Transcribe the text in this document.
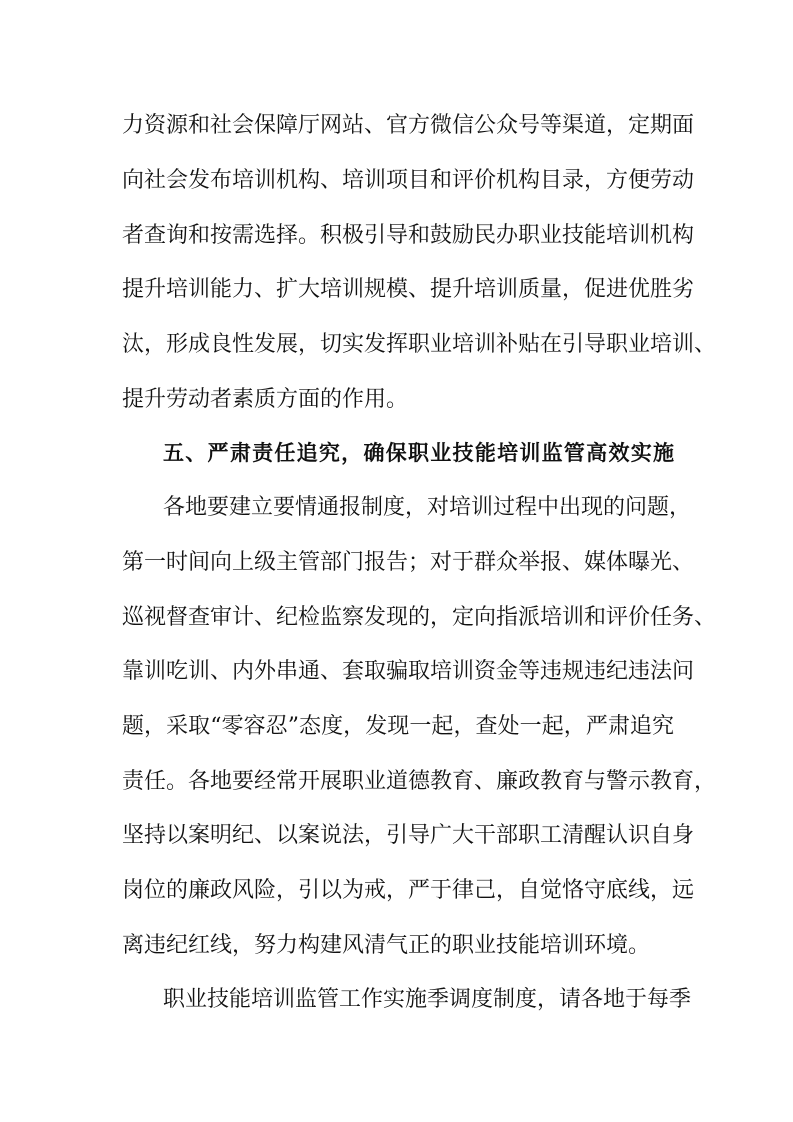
力资源和社会保障厅网站、官方微信公众号等渠道，定期面

向社会发布培训机构、培训项目和评价机构目录，方便劳动

者查询和按需选择。积极引导和鼓励民办职业技能培训机构

提升培训能力、扩大培训规模、提升培训质量，促进优胜劣

汰，形成良性发展，切实发挥职业培训补贴在引导职业培训、

提升劳动者素质方面的作用。

五、严肃责任追究，确保职业技能培训监管高效实施

各地要建立要情通报制度，对培训过程中出现的问题，

第一时间向上级主管部门报告；对于群众举报、媒体曝光、

巡视督查审计、纪检监察发现的，定向指派培训和评价任务、

靠训吃训、内外串通、套取骗取培训资金等违规违纪违法问

题，采取“零容忍”态度，发现一起，查处一起，严肃追究

责任。各地要经常开展职业道德教育、廉政教育与警示教育，

坚持以案明纪、以案说法，引导广大干部职工清醒认识自身

岗位的廉政风险，引以为戒，严于律己，自觉恪守底线，远

离违纪红线，努力构建风清气正的职业技能培训环境。

职业技能培训监管工作实施季调度制度，请各地于每季
